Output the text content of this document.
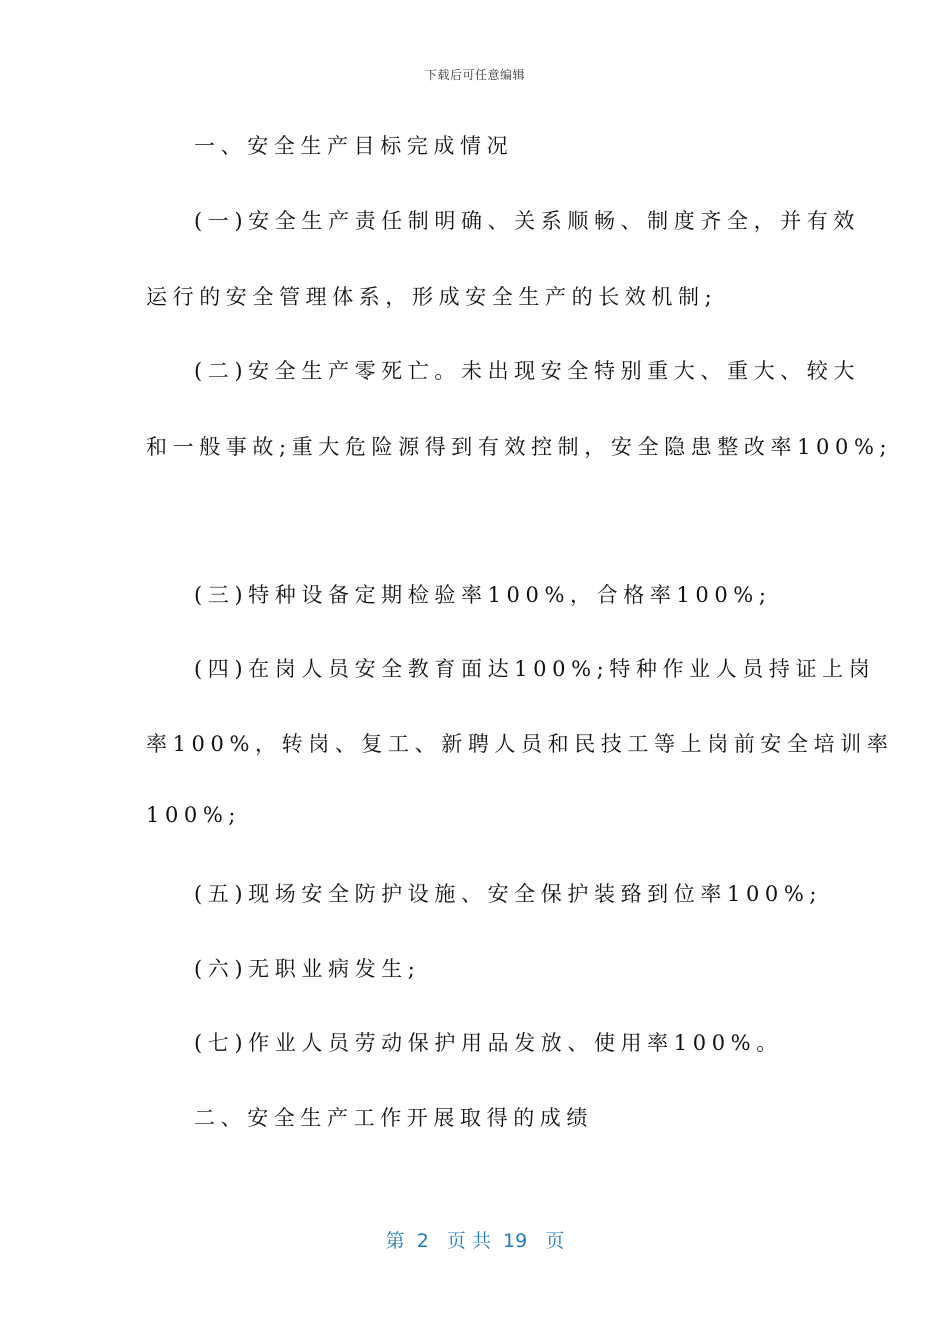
下载后可任意编辑
一、安全生产目标完成情况
(一)安全生产责任制明确、关系顺畅、制度齐全，并有效
运行的安全管理体系，形成安全生产的长效机制;
(二)安全生产零死亡。未出现安全特别重大、重大、较大
和一般事故;重大危险源得到有效控制，安全隐患整改率100%;
(三)特种设备定期检验率100%，合格率100%;
(四)在岗人员安全教育面达100%;特种作业人员持证上岗
率100%，转岗、复工、新聘人员和民技工等上岗前安全培训率
100%;
(五)现场安全防护设施、安全保护装臵到位率100%;
(六)无职业病发生;
(七)作业人员劳动保护用品发放、使用率100%。
二、安全生产工作开展取得的成绩
第  2   页 共  19   页
